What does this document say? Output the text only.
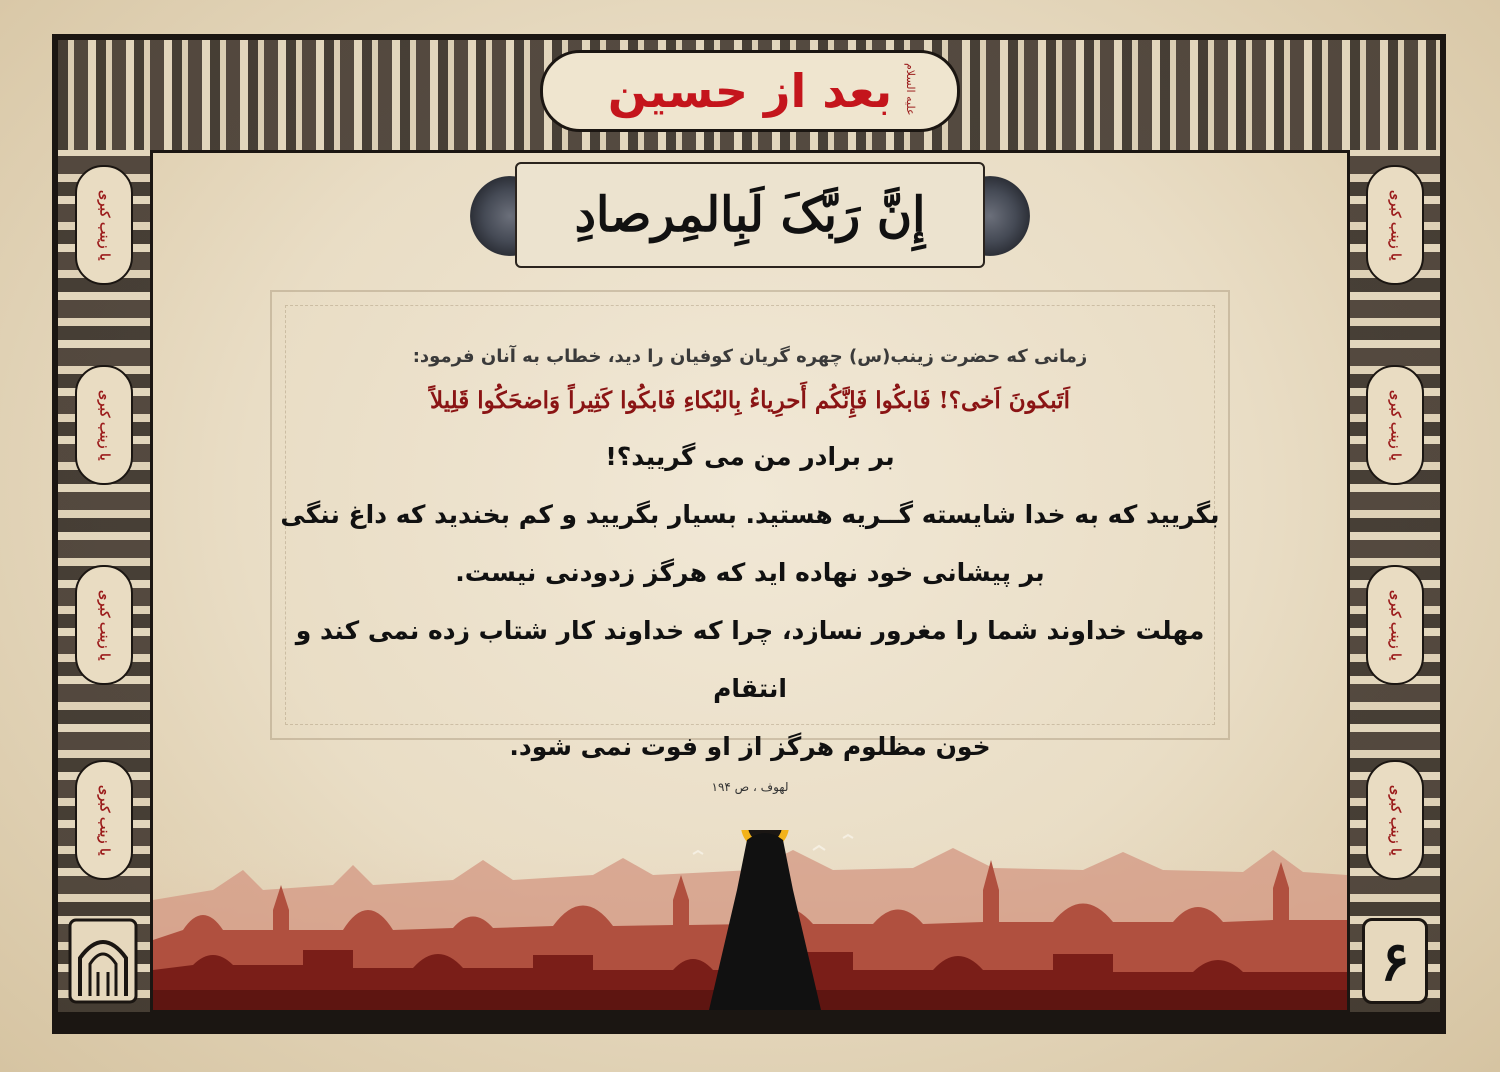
یا زینب کبری
یا زینب کبری
یا زینب کبری
یا زینب کبری
یا زینب کبری
یا زینب کبری
یا زینب کبری
یا زینب کبری
بعد از حسین علیه السلام
إِنَّ رَبَّکَ لَبِالمِرصادِ

زمانی که حضرت زینب(س) چهره گریان کوفیان را دید، خطاب به آنان فرمود:

اَتَبکونَ اَخی؟! فَابکُوا فَإِنَّکُم أَحرِیاءُ بِالبُکاءِ فَابکُوا کَثِیراً وَاضحَکُوا قَلِیلاً

بر برادر من می گریید؟!

بگریید که به خدا شایسته گــریه هستید. بسیار بگریید و کم بخندید که داغ ننگی

بر پیشانی خود نهاده اید که هرگز زدودنی نیست.

مهلت خداوند شما را مغرور نسازد، چرا که خداوند کار شتاب زده نمی کند و انتقام

خون مظلوم هرگز از او فوت نمی شود.

لهوف ، ص ۱۹۴
۶
